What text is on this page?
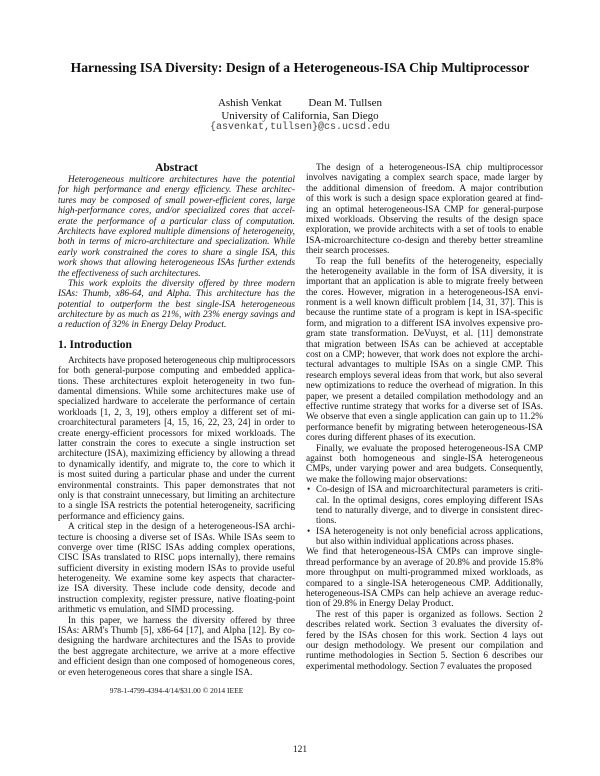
Harnessing ISA Diversity: Design of a Heterogeneous-ISA Chip Multiprocessor
Ashish Venkat Dean M. Tullsen
University of California, San Diego
{asvenkat,tullsen}@cs.ucsd.edu
Abstract
Heterogeneous multicore architectures have the potential
for high performance and energy efficiency. These architec-
tures may be composed of small power-efficient cores, large
high-performance cores, and/or specialized cores that accel-
erate the performance of a particular class of computation.
Architects have explored multiple dimensions of heterogeneity,
both in terms of micro-architecture and specialization. While
early work constrained the cores to share a single ISA, this
work shows that allowing heterogeneous ISAs further extends
the effectiveness of such architectures.
This work exploits the diversity offered by three modern
ISAs: Thumb, x86-64, and Alpha. This architecture has the
potential to outperform the best single-ISA heterogeneous
architecture by as much as 21%, with 23% energy savings and
a reduction of 32% in Energy Delay Product.
1. Introduction
Architects have proposed heterogeneous chip multiprocessors
for both general-purpose computing and embedded applica-
tions. These architectures exploit heterogeneity in two fun-
damental dimensions. While some architectures make use of
specialized hardware to accelerate the performance of certain
workloads [1, 2, 3, 19], others employ a different set of mi-
croarchitectural parameters [4, 15, 16, 22, 23, 24] in order to
create energy-efficient processors for mixed workloads. The
latter constrain the cores to execute a single instruction set
architecture (ISA), maximizing efficiency by allowing a thread
to dynamically identify, and migrate to, the core to which it
is most suited during a particular phase and under the current
environmental constraints. This paper demonstrates that not
only is that constraint unnecessary, but limiting an architecture
to a single ISA restricts the potential heterogeneity, sacrificing
performance and efficiency gains.
A critical step in the design of a heterogeneous-ISA archi-
tecture is choosing a diverse set of ISAs. While ISAs seem to
converge over time (RISC ISAs adding complex operations,
CISC ISAs translated to RISC μops internally), there remains
sufficient diversity in existing modern ISAs to provide useful
heterogeneity. We examine some key aspects that character-
ize ISA diversity. These include code density, decode and
instruction complexity, register pressure, native floating-point
arithmetic vs emulation, and SIMD processing.
In this paper, we harness the diversity offered by three
ISAs: ARM's Thumb [5], x86-64 [17], and Alpha [12]. By co-
designing the hardware architectures and the ISAs to provide
the best aggregate architecture, we arrive at a more effective
and efficient design than one composed of homogeneous cores,
or even heterogeneous cores that share a single ISA.
The design of a heterogeneous-ISA chip multiprocessor
involves navigating a complex search space, made larger by
the additional dimension of freedom. A major contribution
of this work is such a design space exploration geared at find-
ing an optimal heterogeneous-ISA CMP for general-purpose
mixed workloads. Observing the results of the design space
exploration, we provide architects with a set of tools to enable
ISA-microarchitecture co-design and thereby better streamline
their search processes.
To reap the full benefits of the heterogeneity, especially
the heterogeneity available in the form of ISA diversity, it is
important that an application is able to migrate freely between
the cores. However, migration in a heterogeneous-ISA envi-
ronment is a well known difficult problem [14, 31, 37]. This is
because the runtime state of a program is kept in ISA-specific
form, and migration to a different ISA involves expensive pro-
gram state transformation. DeVuyst, et al. [11] demonstrate
that migration between ISAs can be achieved at acceptable
cost on a CMP; however, that work does not explore the archi-
tectural advantages to multiple ISAs on a single CMP. This
research employs several ideas from that work, but also several
new optimizations to reduce the overhead of migration. In this
paper, we present a detailed compilation methodology and an
effective runtime strategy that works for a diverse set of ISAs.
We observe that even a single application can gain up to 11.2%
performance benefit by migrating between heterogeneous-ISA
cores during different phases of its execution.
Finally, we evaluate the proposed heterogeneous-ISA CMP
against both homogeneous and single-ISA heterogeneous
CMPs, under varying power and area budgets. Consequently,
we make the following major observations:
• Co-design of ISA and microarchitectural parameters is criti-
cal. In the optimal designs, cores employing different ISAs
tend to naturally diverge, and to diverge in consistent direc-
tions.
• ISA heterogeneity is not only beneficial across applications,
but also within individual applications across phases.
We find that heterogeneous-ISA CMPs can improve single-
thread performance by an average of 20.8% and provide 15.8%
more throughput on multi-programmed mixed workloads, as
compared to a single-ISA heterogeneous CMP. Additionally,
heterogeneous-ISA CMPs can help achieve an average reduc-
tion of 29.8% in Energy Delay Product.
The rest of this paper is organized as follows. Section 2
describes related work. Section 3 evaluates the diversity of-
fered by the ISAs chosen for this work. Section 4 lays out
our design methodology. We present our compilation and
runtime methodologies in Section 5. Section 6 describes our
experimental methodology. Section 7 evaluates the proposed
978-1-4799-4394-4/14/$31.00 © 2014 IEEE
121
